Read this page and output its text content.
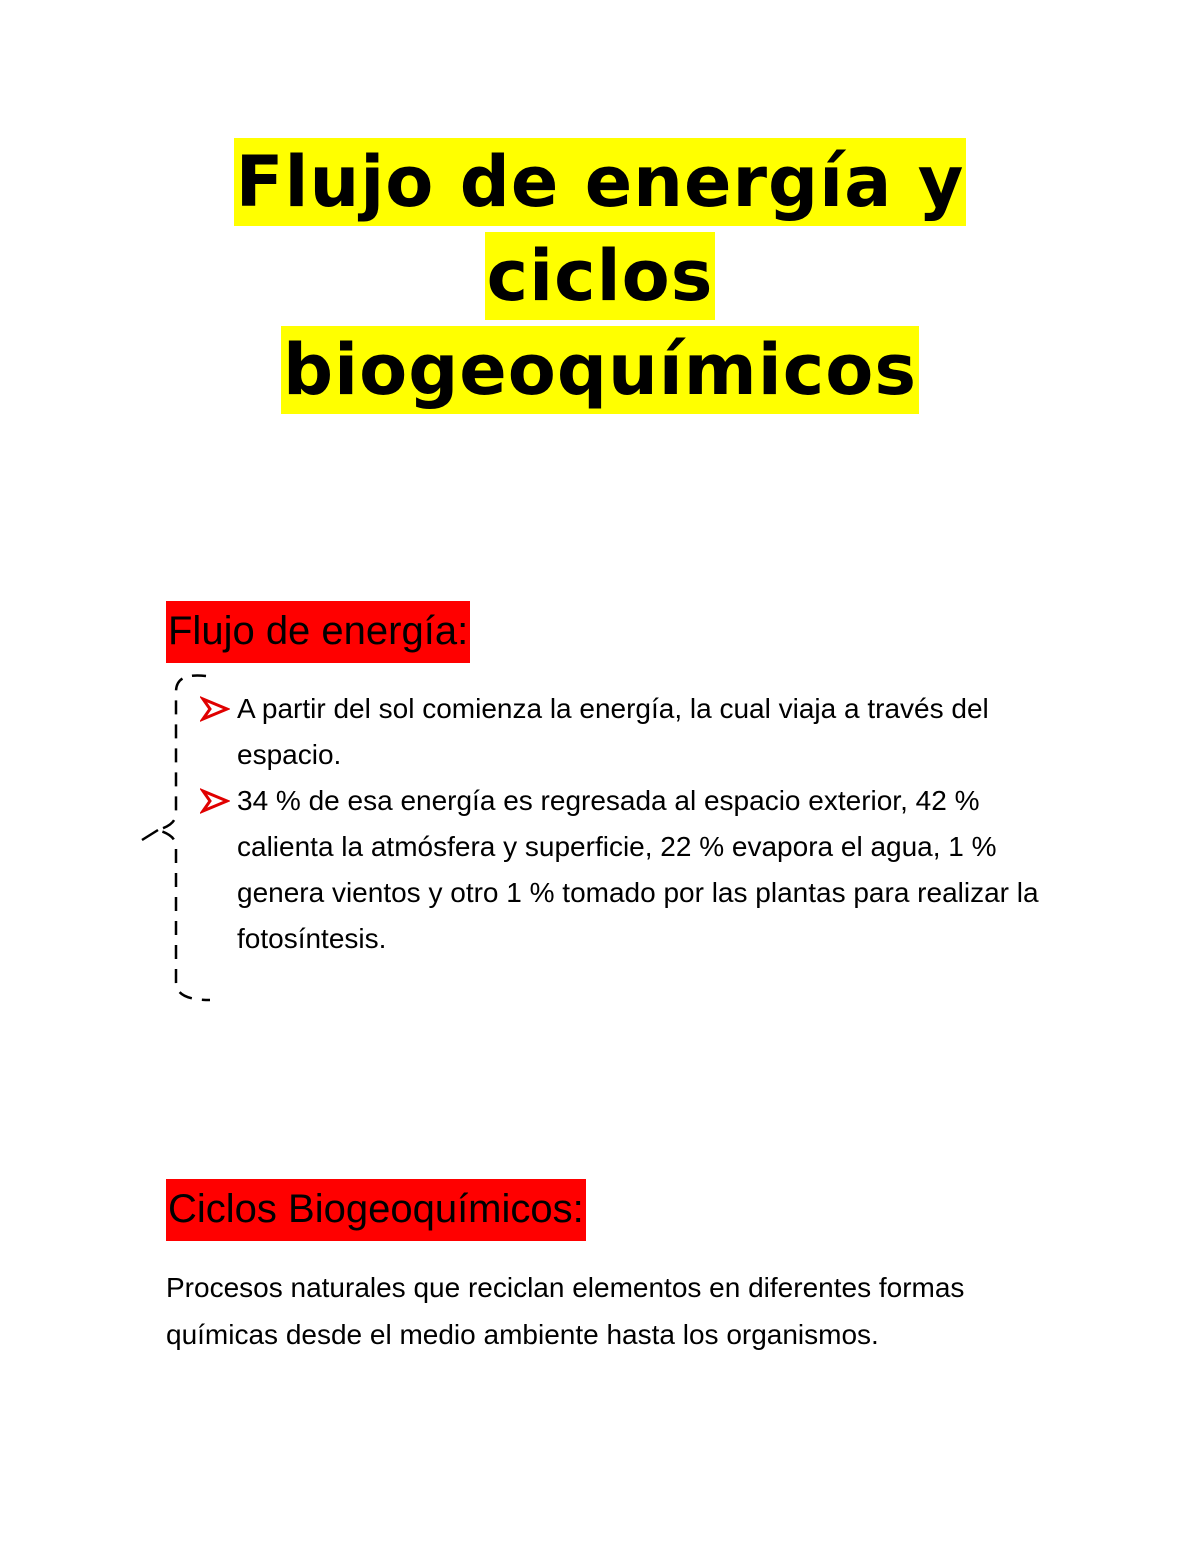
Flujo de energía y
ciclos
biogeoquímicos
Flujo de energía:
A partir del sol comienza la energía, la cual viaja a través del espacio.
34 % de esa energía es regresada al espacio exterior, 42 % calienta la atmósfera y superficie, 22 % evapora el agua, 1 % genera vientos y otro 1 % tomado por las plantas para realizar la fotosíntesis.
Ciclos Biogeoquímicos:

Procesos naturales que reciclan elementos en diferentes formas químicas desde el medio ambiente hasta los organismos.
